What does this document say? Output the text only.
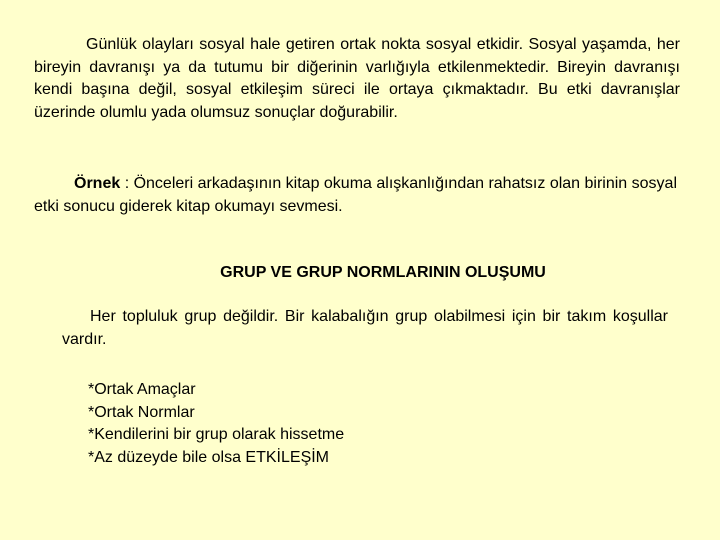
Günlük olayları sosyal hale getiren ortak nokta sosyal etkidir. Sosyal yaşamda, her bireyin davranışı ya da tutumu bir diğerinin varlığıyla etkilenmektedir. Bireyin davranışı kendi başına değil, sosyal etkileşim süreci ile ortaya çıkmaktadır. Bu etki davranışlar üzerinde olumlu yada olumsuz sonuçlar doğurabilir.
Örnek : Önceleri arkadaşının kitap okuma alışkanlığından rahatsız olan birinin sosyal etki sonucu giderek kitap okumayı sevmesi.
GRUP VE GRUP NORMLARININ OLUŞUMU
Her topluluk grup değildir. Bir kalabalığın grup olabilmesi için bir takım koşullar vardır.
*Ortak Amaçlar
*Ortak Normlar
*Kendilerini bir grup olarak hissetme
*Az düzeyde bile olsa ETKİLEŞİM
